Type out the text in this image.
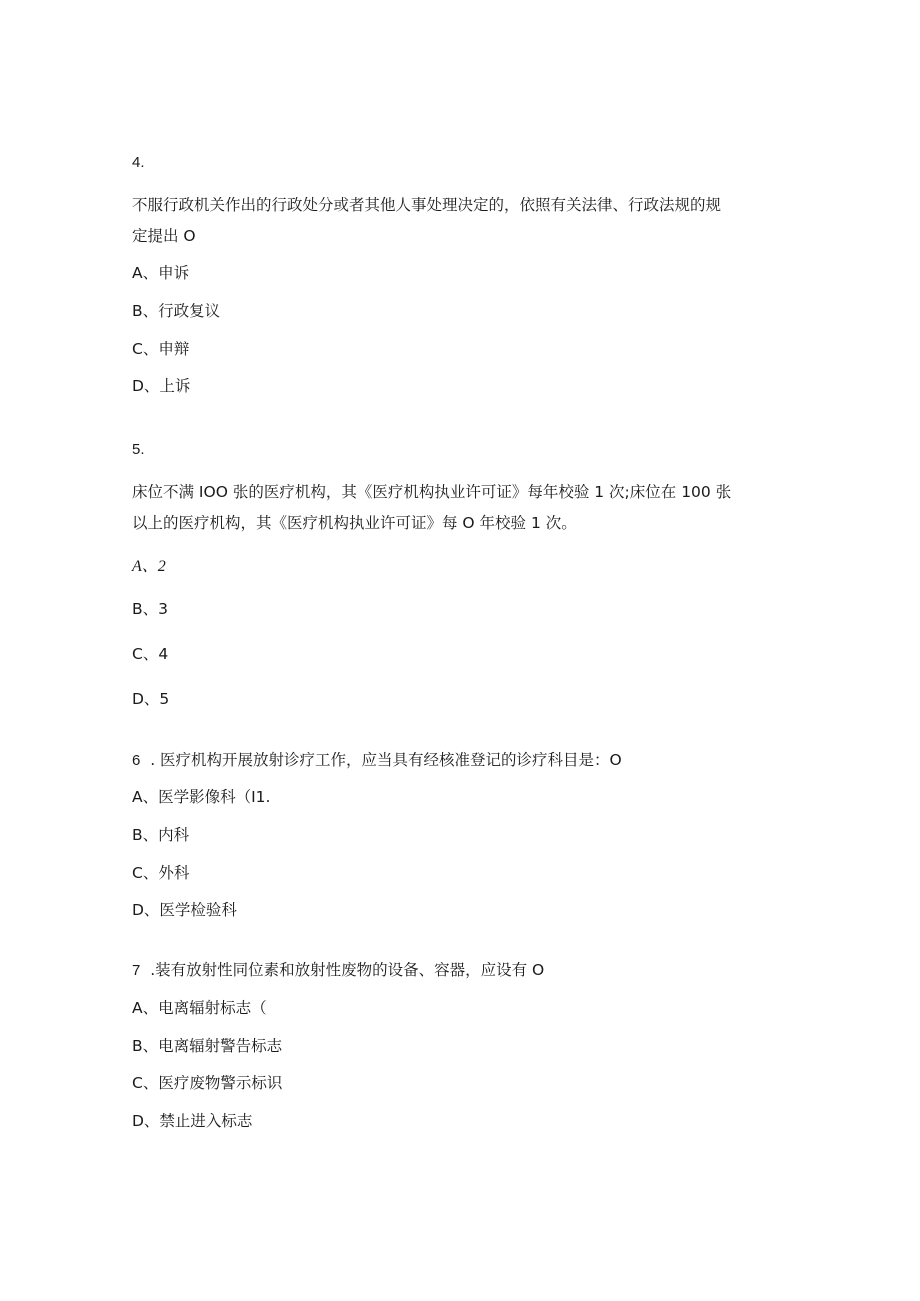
4.
不服行政机关作出的行政处分或者其他人事处理决定的，依照有关法律、行政法规的规
定提出 O
A、申诉
B、行政复议
C、申辩
D、上诉
5.
床位不满 IOO 张的医疗机构，其《医疗机构执业许可证》每年校验 1 次;床位在 100 张
以上的医疗机构，其《医疗机构执业许可证》每 O 年校验 1 次。
A、2
B、3
C、4
D、5
6 . 医疗机构开展放射诊疗工作，应当具有经核准登记的诊疗科目是：O
A、医学影像科（I1.
B、内科
C、外科
D、医学检验科
7 .装有放射性同位素和放射性废物的设备、容器，应设有 O
A、电离辐射标志（
B、电离辐射警告标志
C、医疗废物警示标识
D、禁止进入标志
